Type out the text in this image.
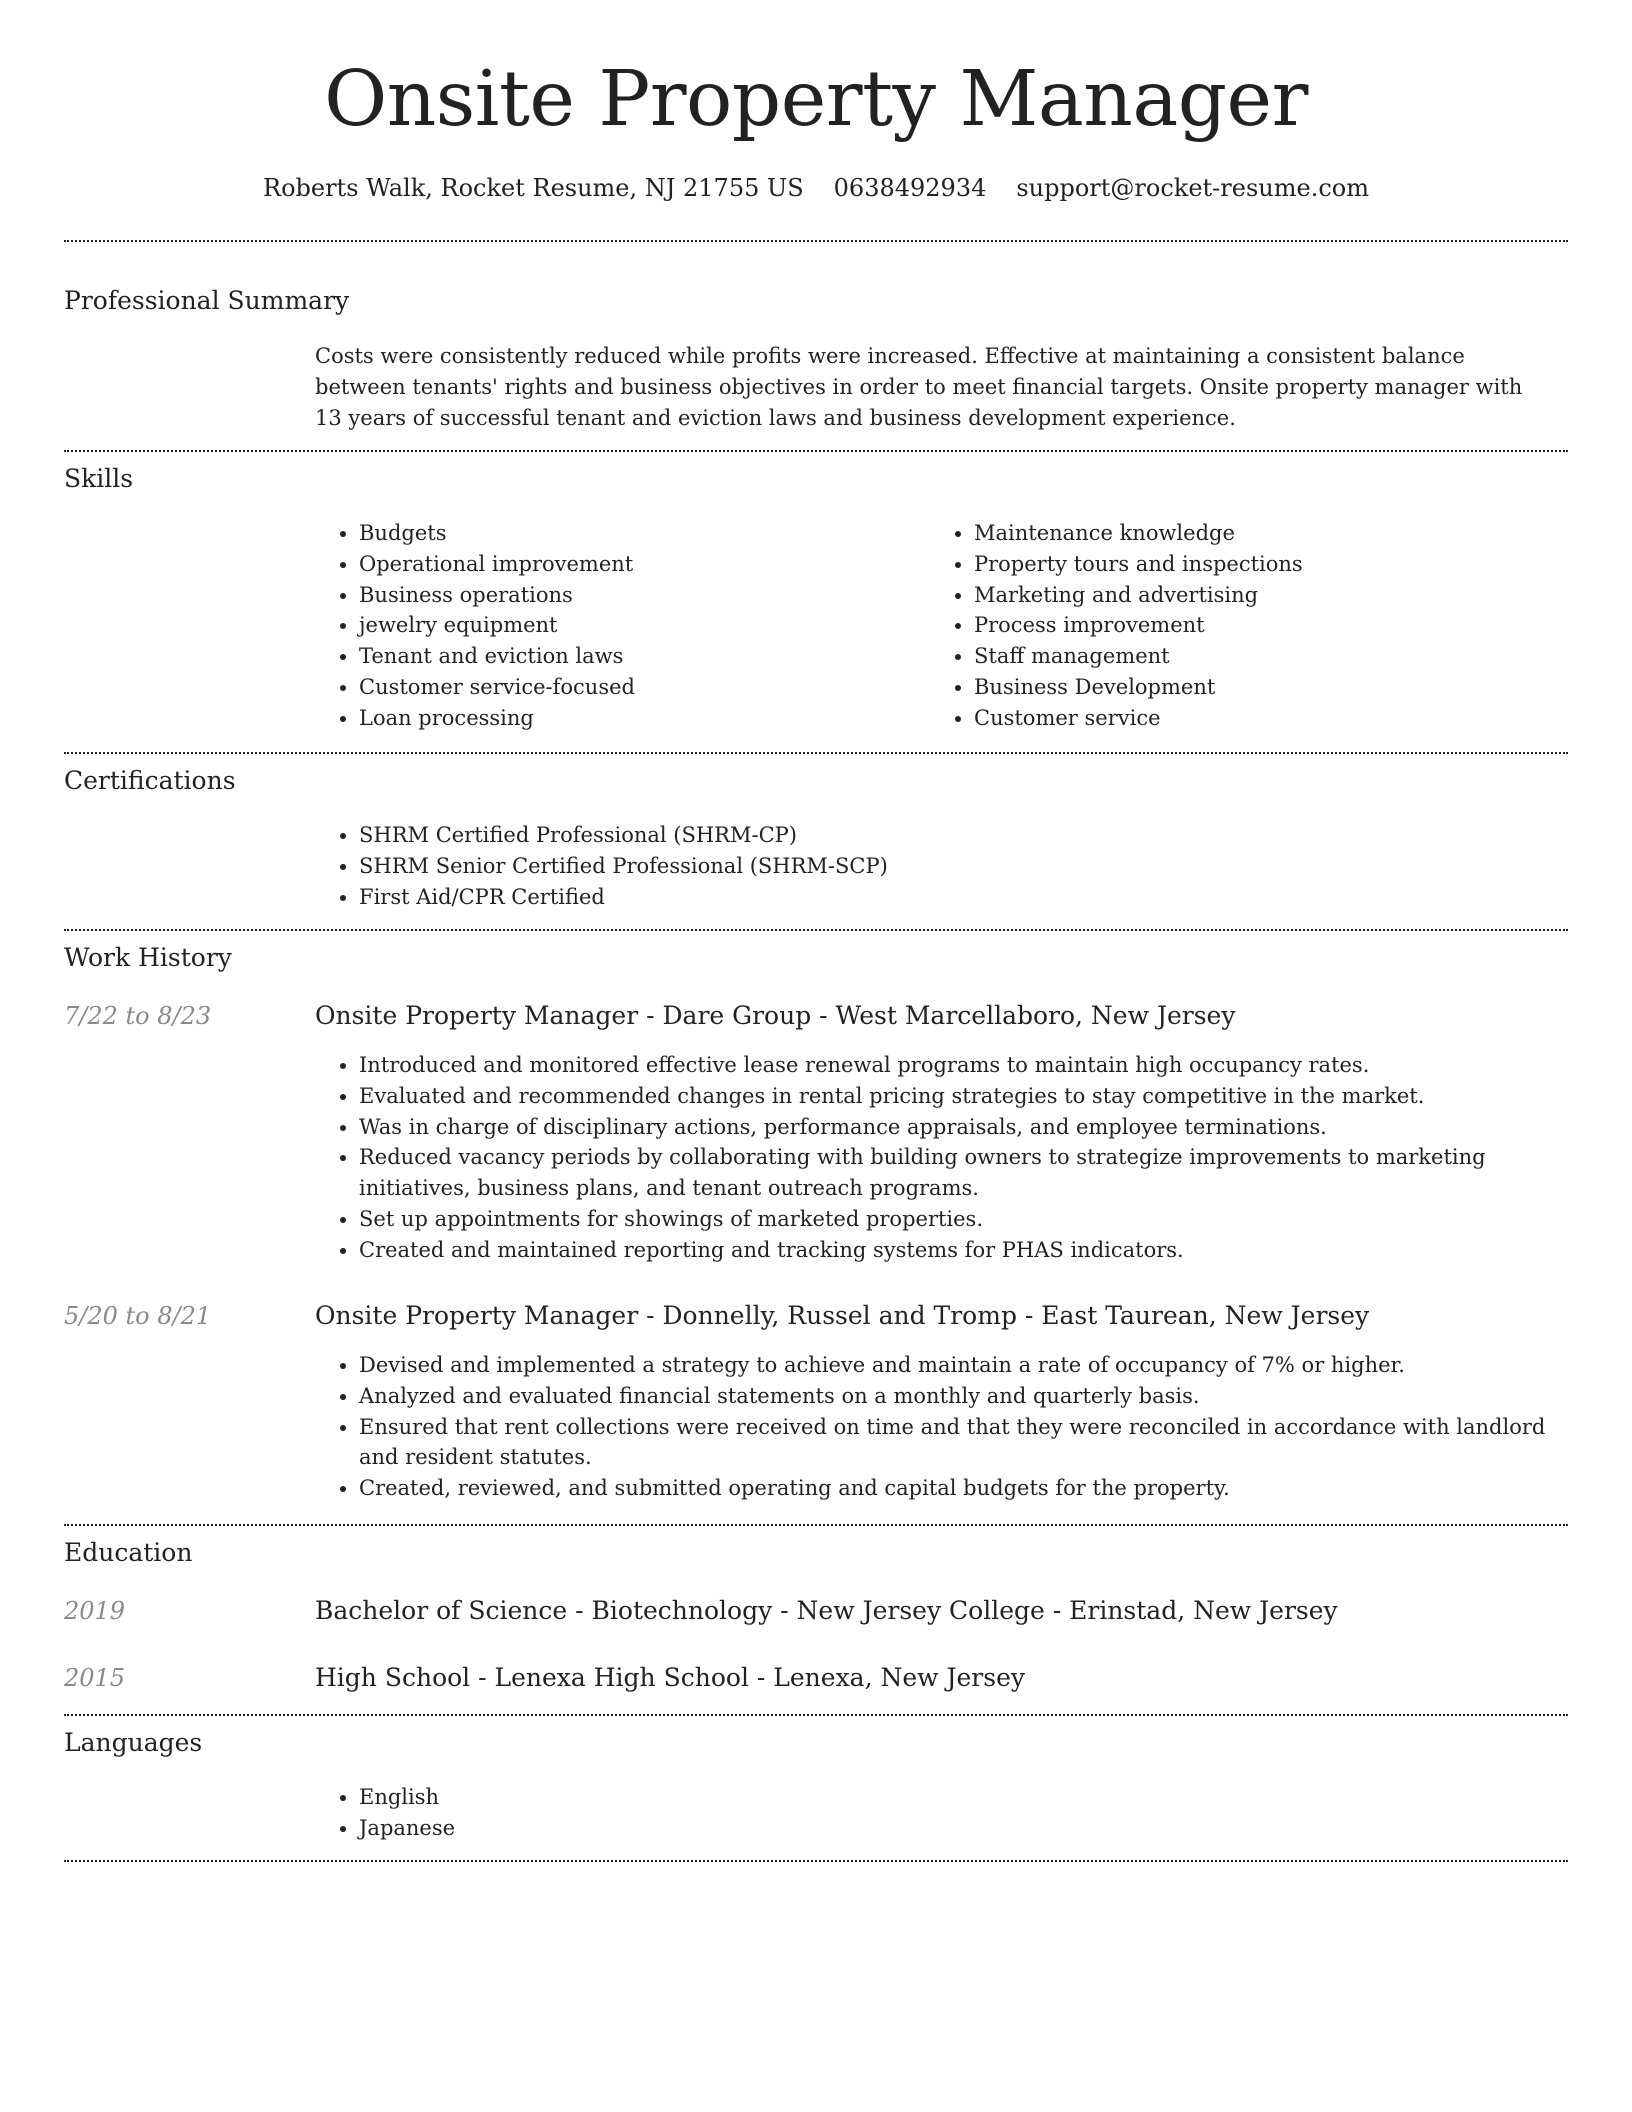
Onsite Property Manager
Roberts Walk, Rocket Resume, NJ 21755 US 0638492934 support@rocket-resume.com
Professional Summary
Costs were consistently reduced while profits were increased. Effective at maintaining a consistent balance between tenants' rights and business objectives in order to meet financial targets. Onsite property manager with 13 years of successful tenant and eviction laws and business development experience.
Skills
• Budgets
• Operational improvement
• Business operations
• jewelry equipment
• Tenant and eviction laws
• Customer service-focused
• Loan processing
• Maintenance knowledge
• Property tours and inspections
• Marketing and advertising
• Process improvement
• Staff management
• Business Development
• Customer service
Certifications
• SHRM Certified Professional (SHRM-CP)
• SHRM Senior Certified Professional (SHRM-SCP)
• First Aid/CPR Certified
Work History
7/22 to 8/23	Onsite Property Manager - Dare Group - West Marcellaboro, New Jersey
• Introduced and monitored effective lease renewal programs to maintain high occupancy rates.
• Evaluated and recommended changes in rental pricing strategies to stay competitive in the market.
• Was in charge of disciplinary actions, performance appraisals, and employee terminations.
• Reduced vacancy periods by collaborating with building owners to strategize improvements to marketing initiatives, business plans, and tenant outreach programs.
• Set up appointments for showings of marketed properties.
• Created and maintained reporting and tracking systems for PHAS indicators.
5/20 to 8/21	Onsite Property Manager - Donnelly, Russel and Tromp - East Taurean, New Jersey
• Devised and implemented a strategy to achieve and maintain a rate of occupancy of 7% or higher.
• Analyzed and evaluated financial statements on a monthly and quarterly basis.
• Ensured that rent collections were received on time and that they were reconciled in accordance with landlord and resident statutes.
• Created, reviewed, and submitted operating and capital budgets for the property.
Education
2019	Bachelor of Science - Biotechnology - New Jersey College - Erinstad, New Jersey
2015	High School - Lenexa High School - Lenexa, New Jersey
Languages
• English
• Japanese
